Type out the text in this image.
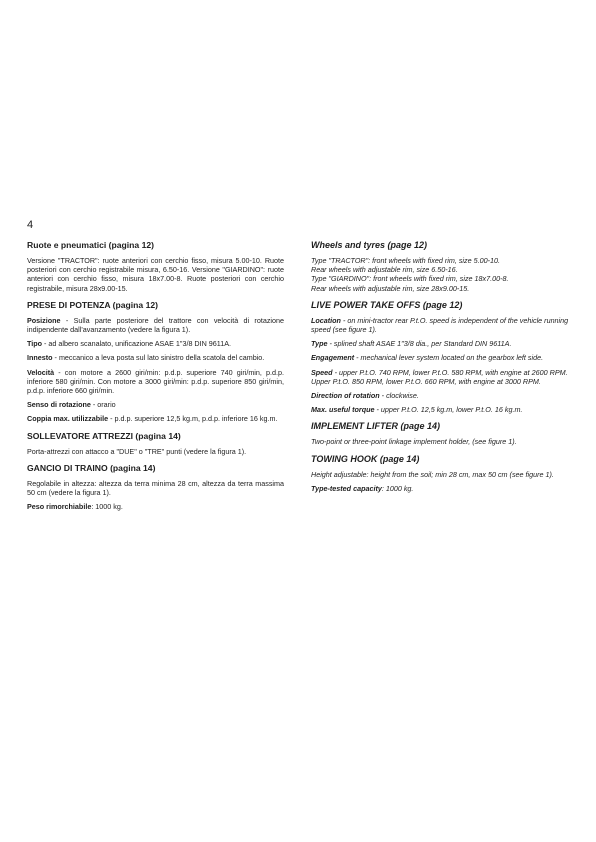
4
Ruote e pneumatici (pagina 12)

Versione "TRACTOR": ruote anteriori con cerchio fisso, misura 5.00-10. Ruote posteriori con cerchio registrabile misura, 6.50-16. Versione "GIARDINO": ruote anteriori con cerchio fisso, misura 18x7.00-8. Ruote posteriori con cerchio registrabile, misura 28x9.00-15.

PRESE DI POTENZA (pagina 12)

Posizione - Sulla parte posteriore del trattore con velocità di rotazione indipendente dall'avanzamento (vedere la figura 1).

Tipo - ad albero scanalato, unificazione ASAE 1"3/8 DIN 9611A.

Innesto - meccanico a leva posta sul lato sinistro della scatola del cambio.

Velocità - con motore a 2600 giri/min: p.d.p. superiore 740 giri/min, p.d.p. inferiore 580 giri/min. Con motore a 3000 giri/min: p.d.p. superiore 850 giri/min, p.d.p. inferiore 660 giri/min.

Senso di rotazione - orario

Coppia max. utilizzabile - p.d.p. superiore 12,5 kg.m, p.d.p. inferiore 16 kg.m.

SOLLEVATORE ATTREZZI (pagina 14)

Porta-attrezzi con attacco a "DUE" o "TRE" punti (vedere la figura 1).

GANCIO DI TRAINO (pagina 14)

Regolabile in altezza: altezza da terra minima 28 cm, altezza da terra massima 50 cm (vedere la figura 1).

Peso rimorchiabile: 1000 kg.

Wheels and tyres (page 12)
Type "TRACTOR": front wheels with fixed rim, size 5.00-10.
Rear wheels with adjustable rim, size 6.50-16.
Type "GIARDINO": front wheels with fixed rim, size 18x7.00-8.
Rear wheels with adjustable rim, size 28x9.00-15.
LIVE POWER TAKE OFFS (page 12)

Location - on mini-tractor rear P.t.O. speed is independent of the vehicle running speed (see figure 1).

Type - splined shaft ASAE 1"3/8 dia., per Standard DIN 9611A.

Engagement - mechanical lever system located on the gearbox left side.

Speed - upper P.t.O. 740 RPM, lower P.t.O. 580 RPM, with engine at 2600 RPM. Upper P.t.O. 850 RPM, lower P.t.O. 660 RPM, with engine at 3000 RPM.

Direction of rotation - clockwise.

Max. useful torque - upper P.t.O. 12,5 kg.m, lower P.t.O. 16 kg.m.

IMPLEMENT LIFTER (page 14)

Two-point or three-point linkage implement holder, (see figure 1).

TOWING HOOK (page 14)

Height adjustable: height from the soil; min 28 cm, max 50 cm (see figure 1).

Type-tested capacity: 1000 kg.
